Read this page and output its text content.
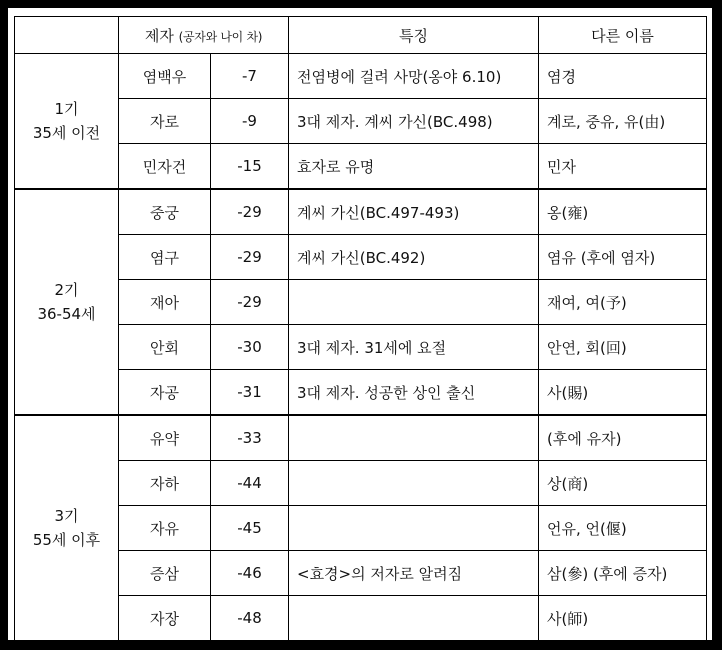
	제자 (공자와 나이 차)		특징	다른 이름

1기
35세 이전	염백우	-7	전염병에 걸려 사망(옹야 6.10)	염경
	자로	-9	3대 제자. 계씨 가신(BC.498)	계로, 중유, 유(由)
	민자건	-15	효자로 유명	민자

2기
36-54세	중궁	-29	계씨 가신(BC.497-493)	옹(雍)
	염구	-29	계씨 가신(BC.492)	염유 (후에 염자)
	재아	-29		재여, 여(予)
	안회	-30	3대 제자. 31세에 요절	안연, 회(回)
	자공	-31	3대 제자. 성공한 상인 출신	사(賜)

3기
55세 이후	유약	-33		(후에 유자)
	자하	-44		상(商)
	자유	-45		언유, 언(偃)
	증삼	-46	<효경>의 저자로 알려짐	삼(參) (후에 증자)
	자장	-48		사(師)
